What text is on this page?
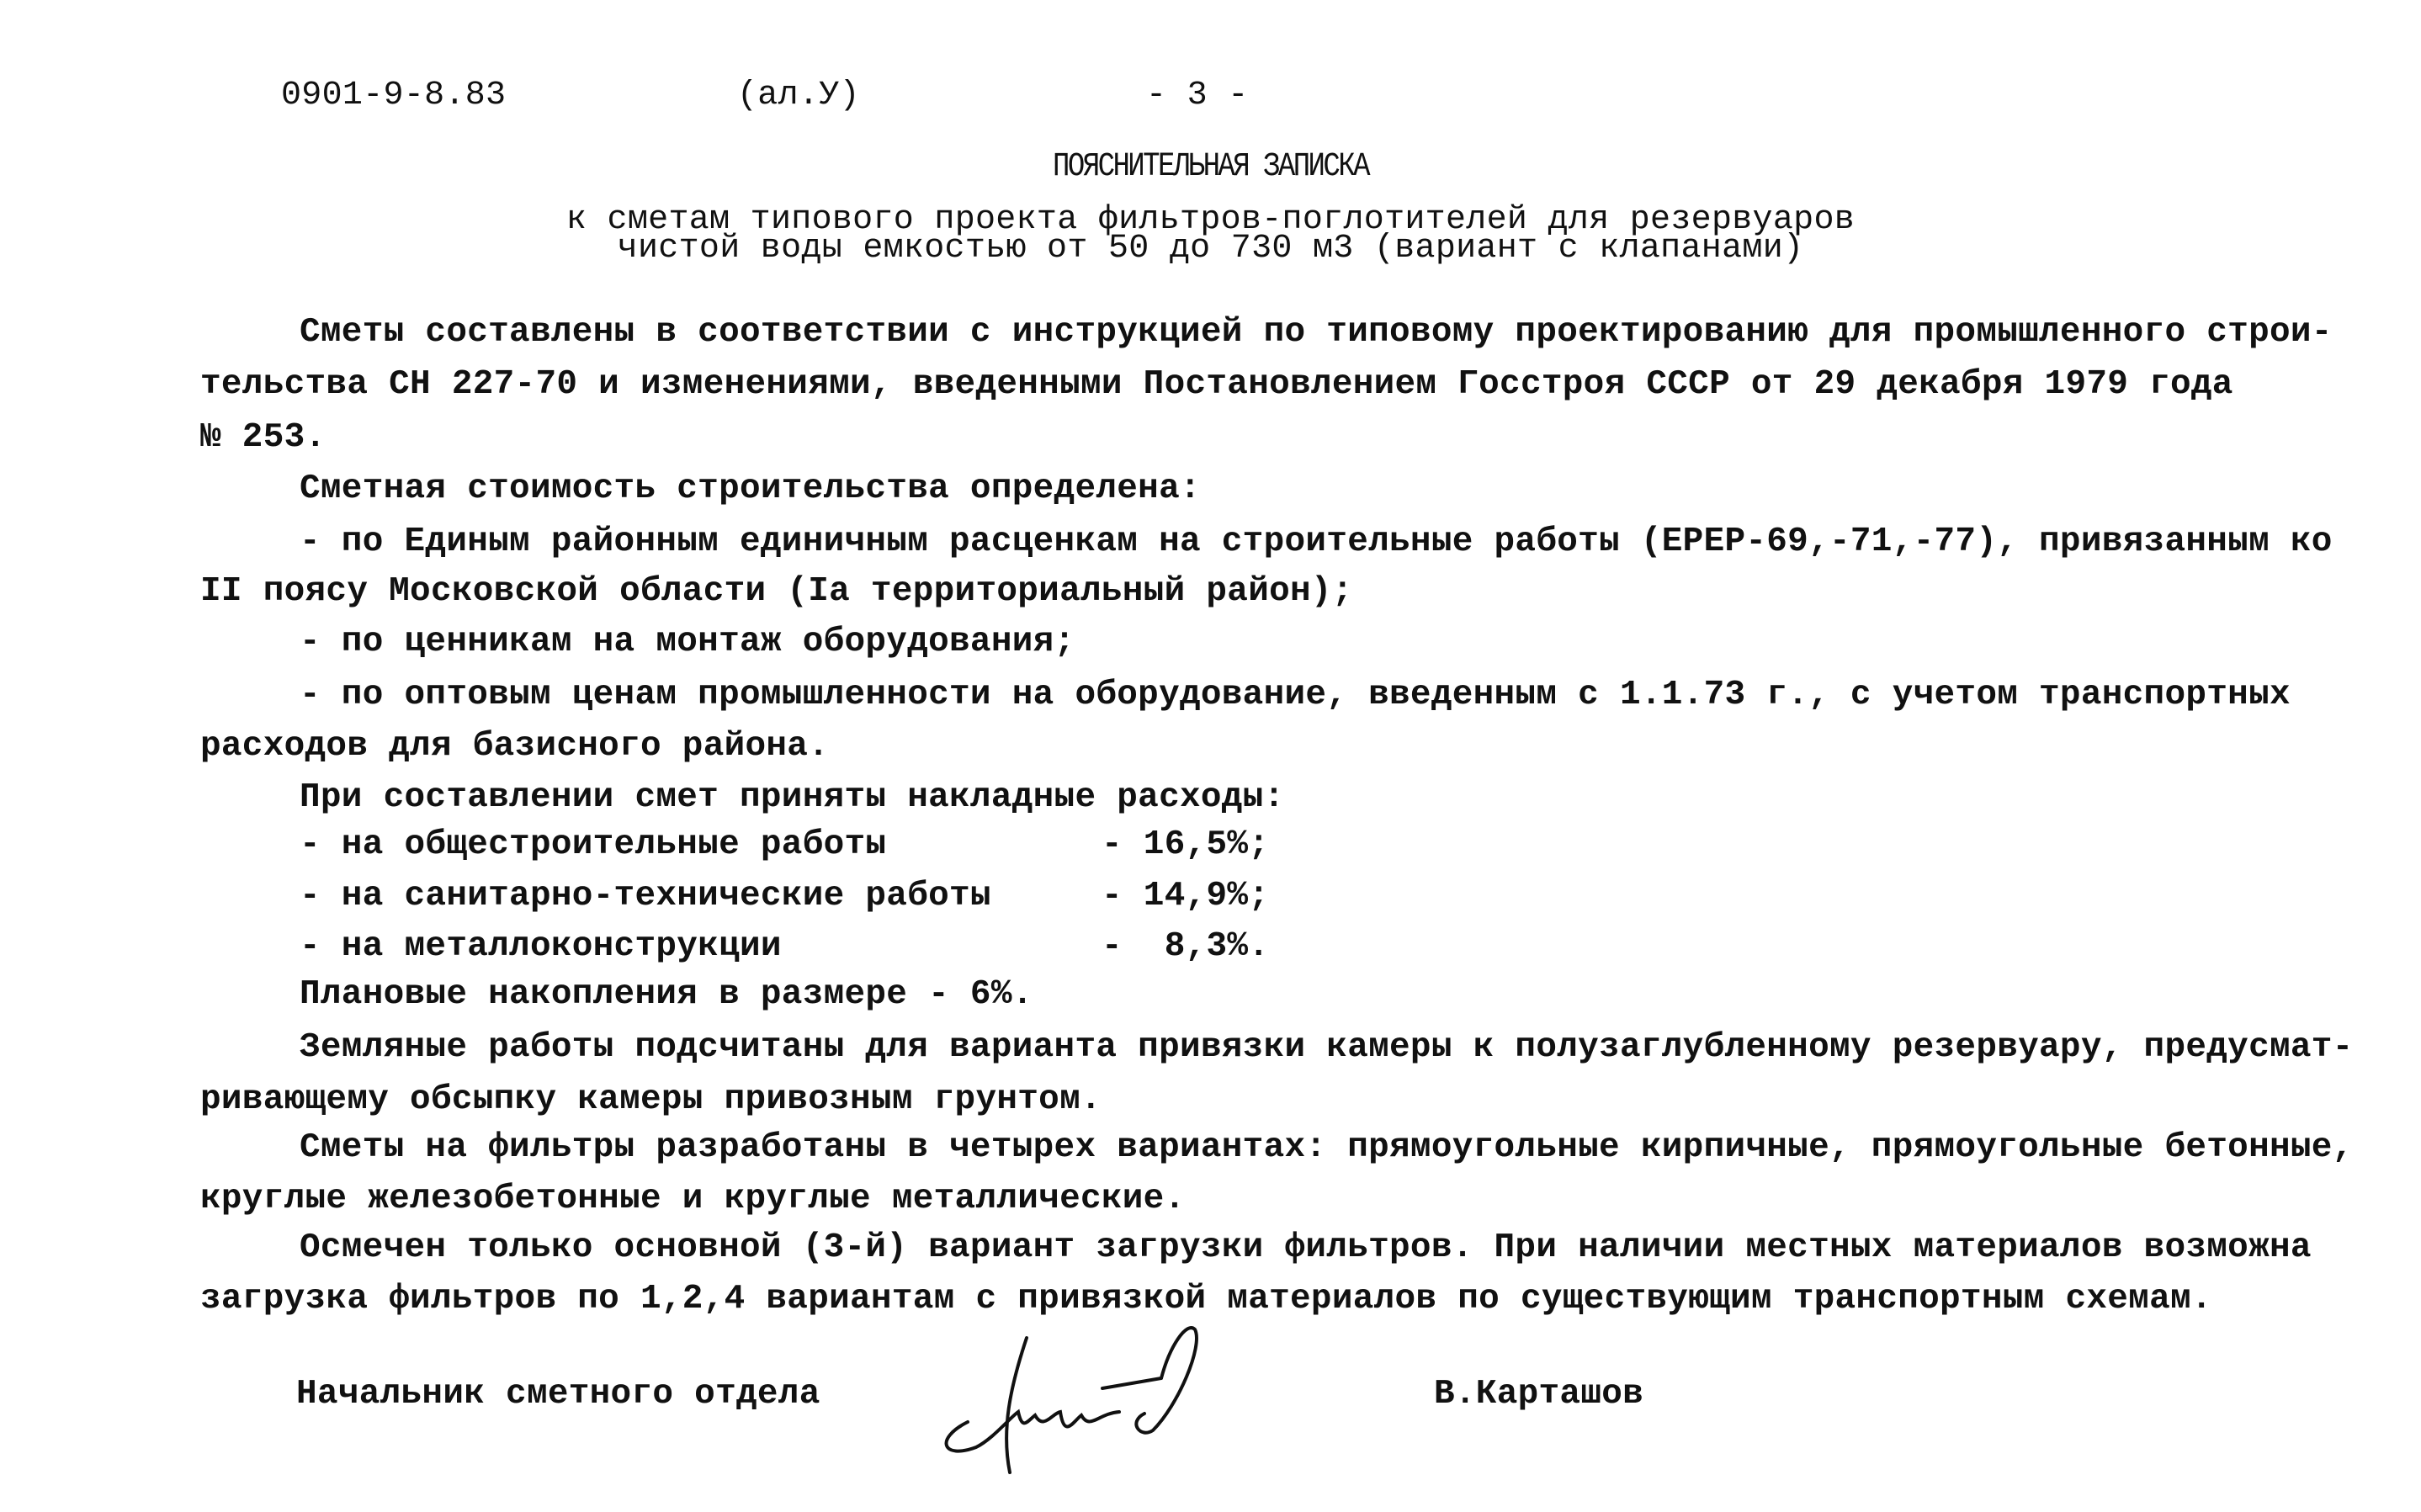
0901-9-8.83	(ал.У)	- 3 -
ПОЯСНИТЕЛЬНАЯ ЗАПИСКА
к сметам типового проекта фильтров-поглотителей для резервуаров
чистой воды емкостью от 50 до 730 м3 (вариант с клапанами)
Сметы составлены в соответствии с инструкцией по типовому проектированию для промышленного строи-
тельства СН 227-70 и изменениями, введенными Постановлением Госстроя СССР от 29 декабря 1979 года
№ 253.
Сметная стоимость строительства определена:
- по Единым районным единичным расценкам на строительные работы (ЕРЕР-69,-71,-77), привязанным ко
II поясу Московской области (Iа территориальный район);
- по ценникам на монтаж оборудования;
- по оптовым ценам промышленности на оборудование, введенным с 1.1.73 г., с учетом транспортных
расходов для базисного района.
При составлении смет приняты накладные расходы:
- на общестроительные работы	- 16,5%;
- на санитарно-технические работы	- 14,9%;
- на металлоконструкции	-  8,3%.
Плановые накопления в размере - 6%.
Земляные работы подсчитаны для варианта привязки камеры к полузаглубленному резервуару, предусмат-
ривающему обсыпку камеры привозным грунтом.
Сметы на фильтры разработаны в четырех вариантах: прямоугольные кирпичные, прямоугольные бетонные,
круглые железобетонные и круглые металлические.
Осмечен только основной (3-й) вариант загрузки фильтров. При наличии местных материалов возможна
загрузка фильтров по 1,2,4 вариантам с привязкой материалов по существующим транспортным схемам.
Начальник сметного отдела	В.Карташов
